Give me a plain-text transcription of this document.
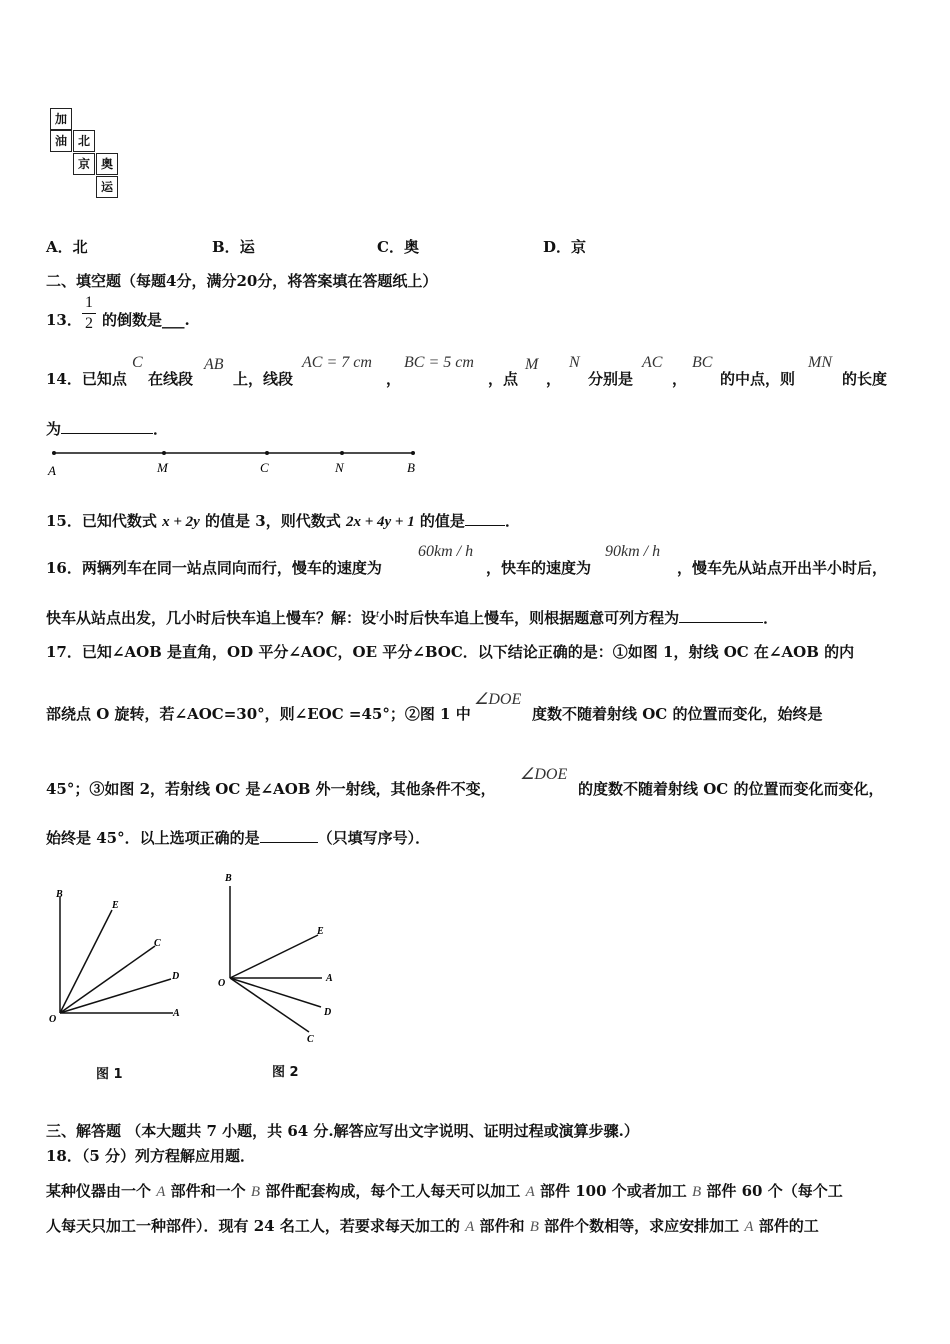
加
油 北
京 奥
运
A．北	B．运	C．奥	D．京
二、填空题（每题4分，满分20分，将答案填在答题纸上）
13．
1
2 的倒数是___.
14．已知点
C
在线段
AB
上，线段
AC = 7 cm
，
BC = 5 cm
，点
M
，
N
分别是
AC
，
BC
的中点，则
MN
的长度
为	．
A	M	C	N	B
15．已知代数式 x + 2y 的值是 3，则代数式 2x + 4y + 1 的值是	．
16．两辆列车在同一站点同向而行，慢车的速度为
60km / h
，快车的速度为
90km / h
，慢车先从站点开出半小时后，
快车从站点出发，几小时后快车追上慢车？解：设$^t$小时后快车追上慢车，则根据题意可列方程为	．
17．已知∠AOB 是直角，OD 平分∠AOC，OE 平分∠BOC．以下结论正确的是：①如图 1，射线 OC 在∠AOB 的内
部绕点 O 旋转，若∠AOC=30°，则∠EOC =45°；②图 1 中
∠DOE
度数不随着射线 OC 的位置而变化，始终是
45°；③如图 2，若射线 OC 是∠AOB 外一射线，其他条件不变，
∠DOE
的度数不随着射线 OC 的位置而变化而变化，
始终是 45°．以上选项正确的是	（只填写序号）．
B
E
C
D
O
A
图 1
B
E
O	A
D
C
图 2
三、解答题 （本大题共 7 小题，共 64 分.解答应写出文字说明、证明过程或演算步骤.）
18．（5 分）列方程解应用题．
某种仪器由一个 A 部件和一个 B 部件配套构成，每个工人每天可以加工 A 部件 100 个或者加工 B 部件 60 个（每个工
人每天只加工一种部件）．现有 24 名工人，若要求每天加工的 A 部件和 B 部件个数相等，求应安排加工 A 部件的工
